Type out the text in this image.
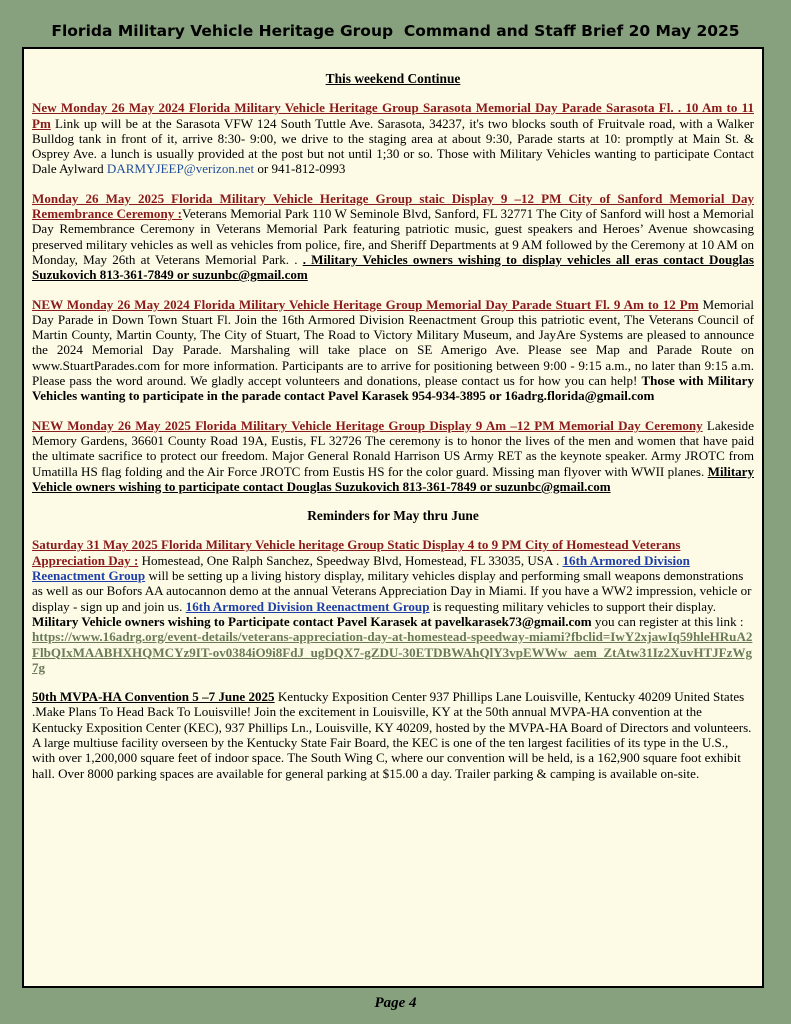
Florida Military Vehicle Heritage Group  Command and Staff Brief 20 May 2025
This weekend Continue

New Monday 26 May 2024 Florida Military Vehicle Heritage Group Sarasota Memorial Day Parade Sarasota Fl. . 10 Am to 11 Pm Link up will be at the Sarasota VFW 124 South Tuttle Ave. Sarasota, 34237, it's two blocks south of Fruitvale road, with a Walker Bulldog tank in front of it, arrive 8:30- 9:00, we drive to the staging area at about 9:30, Parade starts at 10: promptly at Main St. & Osprey Ave. a lunch is usually provided at the post but not until 1;30 or so. Those with Military Vehicles wanting to participate Contact Dale Aylward DARMYJEEP@verizon.net or 941-812-0993

Monday 26 May 2025 Florida Military Vehicle Heritage Group staic Display 9 –12 PM City of Sanford Memorial Day Remembrance Ceremony :Veterans Memorial Park 110 W Seminole Blvd, Sanford, FL 32771 The City of Sanford will host a Memorial Day Remembrance Ceremony in Veterans Memorial Park featuring patriotic music, guest speakers and Heroes’ Avenue showcasing preserved military vehicles as well as vehicles from police, fire, and Sheriff Departments at 9 AM followed by the Ceremony at 10 AM on Monday, May 26th at Veterans Memorial Park. . . Military Vehicles owners wishing to display vehicles all eras contact Douglas Suzukovich 813-361-7849 or suzunbc@gmail.com

NEW Monday 26 May 2024 Florida Military Vehicle Heritage Group Memorial Day Parade Stuart Fl. 9 Am to 12 Pm Memorial Day Parade in Down Town Stuart Fl. Join the 16th Armored Division Reenactment Group this patriotic event, The Veterans Council of Martin County, Martin County, The City of Stuart, The Road to Victory Military Museum, and JayAre Systems are pleased to announce the 2024 Memorial Day Parade. Marshaling will take place on SE Amerigo Ave. Please see Map and Parade Route on www.StuartParades.com for more information. Participants are to arrive for positioning between 9:00 - 9:15 a.m., no later than 9:15 a.m. Please pass the word around. We gladly accept volunteers and donations, please contact us for how you can help! Those with Military Vehicles wanting to participate in the parade contact Pavel Karasek 954-934-3895 or 16adrg.florida@gmail.com

NEW Monday 26 May 2025 Florida Military Vehicle Heritage Group Display 9 Am –12 PM Memorial Day Ceremony Lakeside Memory Gardens, 36601 County Road 19A, Eustis, FL 32726 The ceremony is to honor the lives of the men and women that have paid the ultimate sacrifice to protect our freedom. Major General Ronald Harrison US Army RET as the keynote speaker. Army JROTC from Umatilla HS flag folding and the Air Force JROTC from Eustis HS for the color guard. Missing man flyover with WWII planes. Military Vehicle owners wishing to participate contact Douglas Suzukovich 813-361-7849 or suzunbc@gmail.com

Reminders for May thru June

Saturday 31 May 2025 Florida Military Vehicle heritage Group Static Display 4 to 9 PM City of Homestead Veterans Appreciation Day : Homestead, One Ralph Sanchez, Speedway Blvd, Homestead, FL 33035, USA . 16th Armored Division Reenactment Group will be setting up a living history display, military vehicles display and performing small weapons demonstrations as well as our Bofors AA autocannon demo at the annual Veterans Appreciation Day in Miami. If you have a WW2 impression, vehicle or display - sign up and join us. 16th Armored Division Reenactment Group is requesting military vehicles to support their display. Military Vehicle owners wishing to Participate contact Pavel Karasek at pavelkarasek73@gmail.com you can register at this link : https://www.16adrg.org/event-details/veterans-appreciation-day-at-homestead-speedway-miami?fbclid=IwY2xjawIq59hleHRuA2FlbQIxMAABHXHQMCYz9IT-ov0384iO9i8FdJ_ugDQX7-gZDU-30ETDBWAhQlY3vpEWWw_aem_ZtAtw31Iz2XuvHTJFzWg7g

50th MVPA-HA Convention 5 –7 June 2025 Kentucky Exposition Center 937 Phillips Lane Louisville, Kentucky 40209 United States .Make Plans To Head Back To Louisville! Join the excitement in Louisville, KY at the 50th annual MVPA-HA convention at the Kentucky Exposition Center (KEC), 937 Phillips Ln., Louisville, KY 40209, hosted by the MVPA-HA Board of Directors and volunteers. A large multiuse facility overseen by the Kentucky State Fair Board, the KEC is one of the ten largest facilities of its type in the U.S., with over 1,200,000 square feet of indoor space. The South Wing C, where our convention will be held, is a 162,900 square foot exhibit hall. Over 8000 parking spaces are available for general parking at $15.00 a day. Trailer parking & camping is available on-site.

Page 4
